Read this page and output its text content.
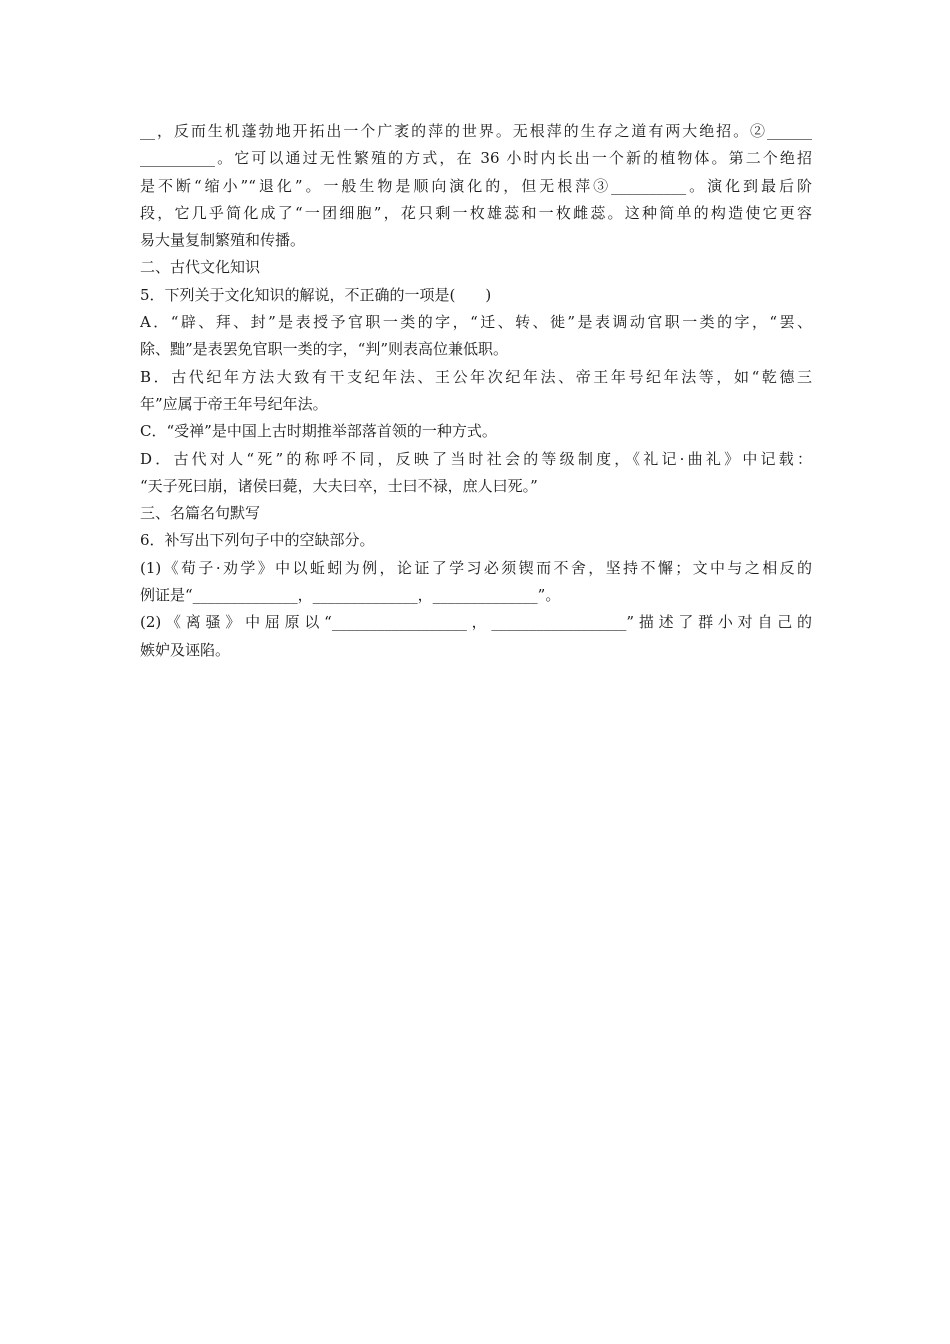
__，反而生机蓬勃地开拓出一个广袤的萍的世界。无根萍的生存之道有两大绝招。②______
__________。它可以通过无性繁殖的方式，在 36 小时内长出一个新的植物体。第二个绝招
是不断“缩小”“退化”。一般生物是顺向演化的，但无根萍③__________。演化到最后阶
段，它几乎简化成了“一团细胞”，花只剩一枚雄蕊和一枚雌蕊。这种简单的构造使它更容
易大量复制繁殖和传播。
二、古代文化知识
5．下列关于文化知识的解说，不正确的一项是(　　)
A．“辟、拜、封”是表授予官职一类的字，“迁、转、徙”是表调动官职一类的字，“罢、
除、黜”是表罢免官职一类的字，“判”则表高位兼低职。
B．古代纪年方法大致有干支纪年法、王公年次纪年法、帝王年号纪年法等，如“乾德三
年”应属于帝王年号纪年法。
C．“受禅”是中国上古时期推举部落首领的一种方式。
D．古代对人“死”的称呼不同，反映了当时社会的等级制度，《礼记·曲礼》中记载：
“天子死曰崩，诸侯曰薨，大夫曰卒，士曰不禄，庶人曰死。”
三、名篇名句默写
6．补写出下列句子中的空缺部分。
(1)《荀子·劝学》中以蚯蚓为例，论证了学习必须锲而不舍，坚持不懈；文中与之相反的
例证是“______________，______________，______________”。
(2)《离骚》中屈原以“__________________，__________________”描述了群小对自己的
嫉妒及诬陷。
